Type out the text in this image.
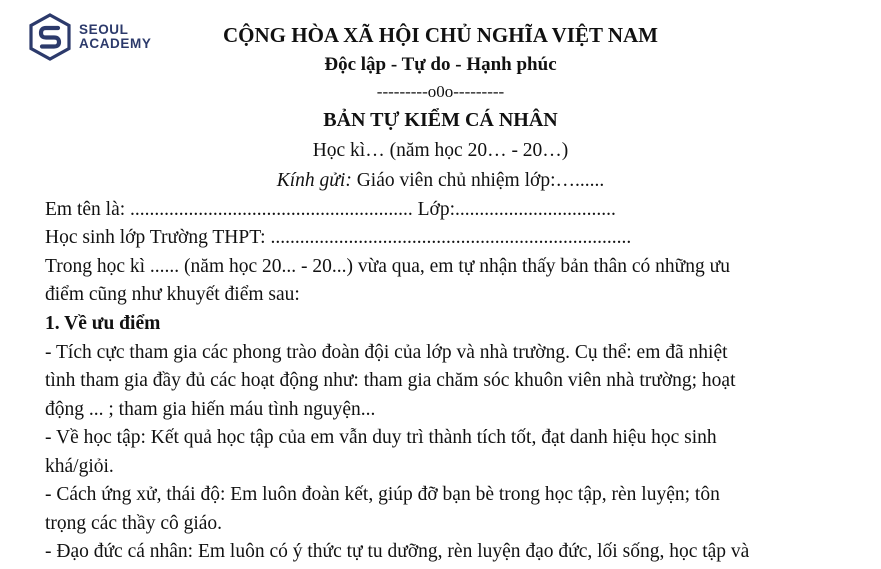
SEOUL
ACADEMY	CỘNG HÒA XÃ HỘI CHỦ NGHĨA VIỆT NAM
Độc lập - Tự do - Hạnh phúc
---------o0o---------
BẢN TỰ KIỂM CÁ NHÂN
Học kì… (năm học 20… - 20…)
Kính gửi: Giáo viên chủ nhiệm lớp:…......
Em tên là: .......................................................... Lớp:.................................
Học sinh lớp Trường THPT: ..........................................................................
Trong học kì ...... (năm học 20... - 20...) vừa qua, em tự nhận thấy bản thân có những ưu
điểm cũng như khuyết điểm sau:
1. Về ưu điểm
- Tích cực tham gia các phong trào đoàn đội của lớp và nhà trường. Cụ thể: em đã nhiệt
tình tham gia đầy đủ các hoạt động như: tham gia chăm sóc khuôn viên nhà trường; hoạt
động ... ; tham gia hiến máu tình nguyện...
- Về học tập: Kết quả học tập của em vẫn duy trì thành tích tốt, đạt danh hiệu học sinh
khá/giỏi.
- Cách ứng xử, thái độ: Em luôn đoàn kết, giúp đỡ bạn bè trong học tập, rèn luyện; tôn
trọng các thầy cô giáo.
- Đạo đức cá nhân: Em luôn có ý thức tự tu dưỡng, rèn luyện đạo đức, lối sống, học tập và
